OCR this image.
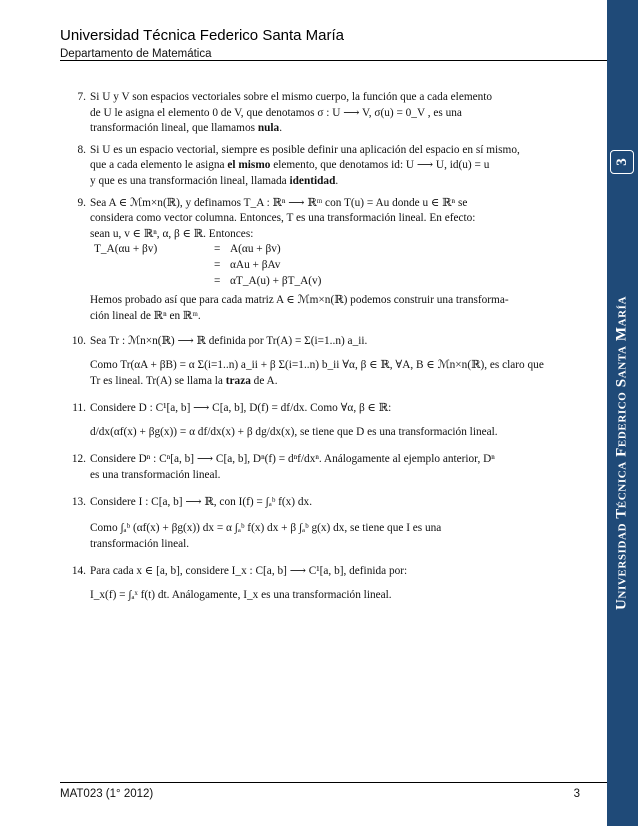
Universidad Técnica Federico Santa María
Departamento de Matemática
Universidad Técnica Federico Santa María
3
7. Si U y V son espacios vectoriales sobre el mismo cuerpo, la función que a cada elemento
de U le asigna el elemento 0 de V, que denotamos σ : U ⟶ V, σ(u) = 0_V , es una
transformación lineal, que llamamos nula.
8. Si U es un espacio vectorial, siempre es posible definir una aplicación del espacio en sí mismo,
que a cada elemento le asigna el mismo elemento, que denotamos id: U ⟶ U, id(u) = u
y que es una transformación lineal, llamada identidad.
9. Sea A ∈ ℳm×n(ℝ), y definamos T_A : ℝⁿ ⟶ ℝᵐ con T(u) = Au donde u ∈ ℝⁿ se
considera como vector columna. Entonces, T es una transformación lineal. En efecto:
sean u, v ∈ ℝⁿ, α, β ∈ ℝ. Entonces:
T_A(αu + βv)	= A(αu + βv)
= αAu + βAv
= αT_A(u) + βT_A(v)
Hemos probado así que para cada matriz A ∈ ℳm×n(ℝ) podemos construir una transforma-
ción lineal de ℝⁿ en ℝᵐ.
10. Sea Tr : ℳn×n(ℝ) ⟶ ℝ definida por Tr(A) = Σ(i=1..n) a_ii.
Como Tr(αA + βB) = α Σ(i=1..n) a_ii + β Σ(i=1..n) b_ii ∀α, β ∈ ℝ, ∀A, B ∈ ℳn×n(ℝ), es claro que
Tr es lineal. Tr(A) se llama la traza de A.
11. Considere D : C¹[a, b] ⟶ C[a, b], D(f) = df/dx. Como ∀α, β ∈ ℝ:
d/dx(αf(x) + βg(x)) = α df/dx(x) + β dg/dx(x), se tiene que D es una transformación lineal.
12. Considere Dⁿ : Cⁿ[a, b] ⟶ C[a, b], Dⁿ(f) = dⁿf/dxⁿ. Análogamente al ejemplo anterior, Dⁿ
es una transformación lineal.
13. Considere I : C[a, b] ⟶ ℝ, con I(f) = ∫ₐᵇ f(x) dx.
Como ∫ₐᵇ (αf(x) + βg(x)) dx = α ∫ₐᵇ f(x) dx + β ∫ₐᵇ g(x) dx, se tiene que I es una
transformación lineal.
14. Para cada x ∈ [a, b], considere I_x : C[a, b] ⟶ C¹[a, b], definida por:
I_x(f) = ∫ₐˣ f(t) dt. Análogamente, I_x es una transformación lineal.
MAT023 (1° 2012)	3
